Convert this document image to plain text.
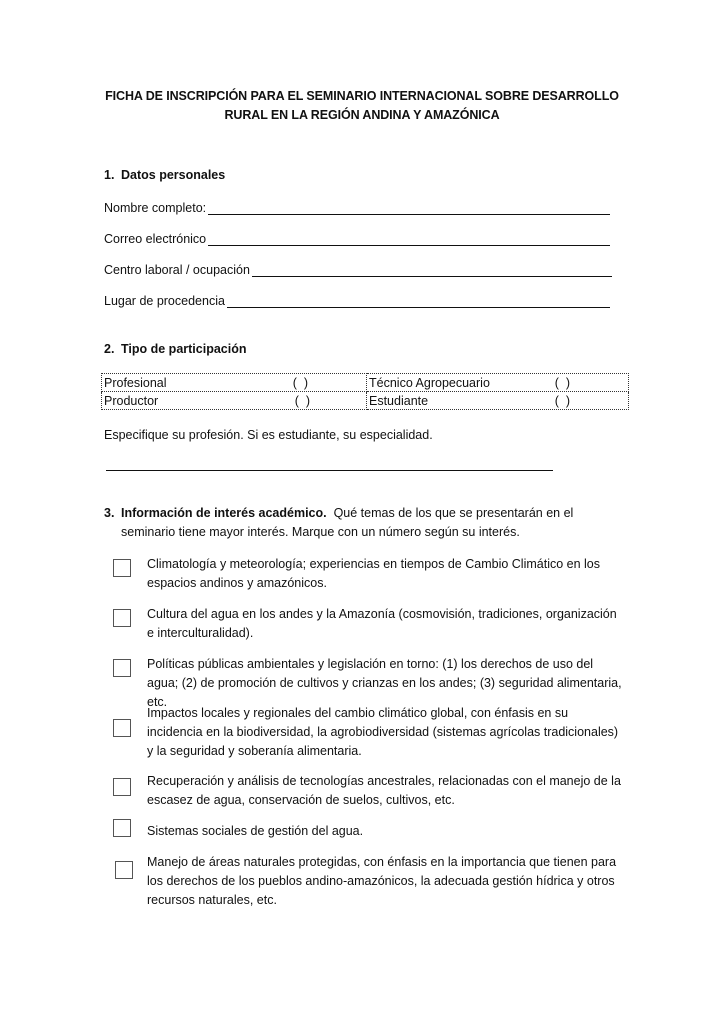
FICHA DE INSCRIPCIÓN PARA EL SEMINARIO INTERNACIONAL SOBRE DESARROLLO RURAL EN LA REGIÓN ANDINA Y AMAZÓNICA
1. Datos personales
Nombre completo:
Correo electrónico
Centro laboral / ocupación
Lugar de procedencia
2. Tipo de participación
Profesional (  )	Técnico Agropecuario (  )

Productor (  )	Estudiante (  )
Especifique su profesión. Si es estudiante, su especialidad.
3. Información de interés académico. Qué temas de los que se presentarán en el seminario tiene mayor interés. Marque con un número según su interés.
Climatología y meteorología; experiencias en tiempos de Cambio Climático en los espacios andinos y amazónicos.
Cultura del agua en los andes y la Amazonía (cosmovisión, tradiciones, organización e interculturalidad).
Políticas públicas ambientales y legislación en torno: (1) los derechos de uso del agua; (2) de promoción de cultivos y crianzas en los andes; (3) seguridad alimentaria, etc.
Impactos locales y regionales del cambio climático global, con énfasis en su incidencia en la biodiversidad, la agrobiodiversidad (sistemas agrícolas tradicionales) y la seguridad y soberanía alimentaria.
Recuperación y análisis de tecnologías ancestrales, relacionadas con el manejo de la escasez de agua, conservación de suelos, cultivos, etc.
Sistemas sociales de gestión del agua.
Manejo de áreas naturales protegidas, con énfasis en la importancia que tienen para los derechos de los pueblos andino-amazónicos, la adecuada gestión hídrica y otros recursos naturales, etc.
